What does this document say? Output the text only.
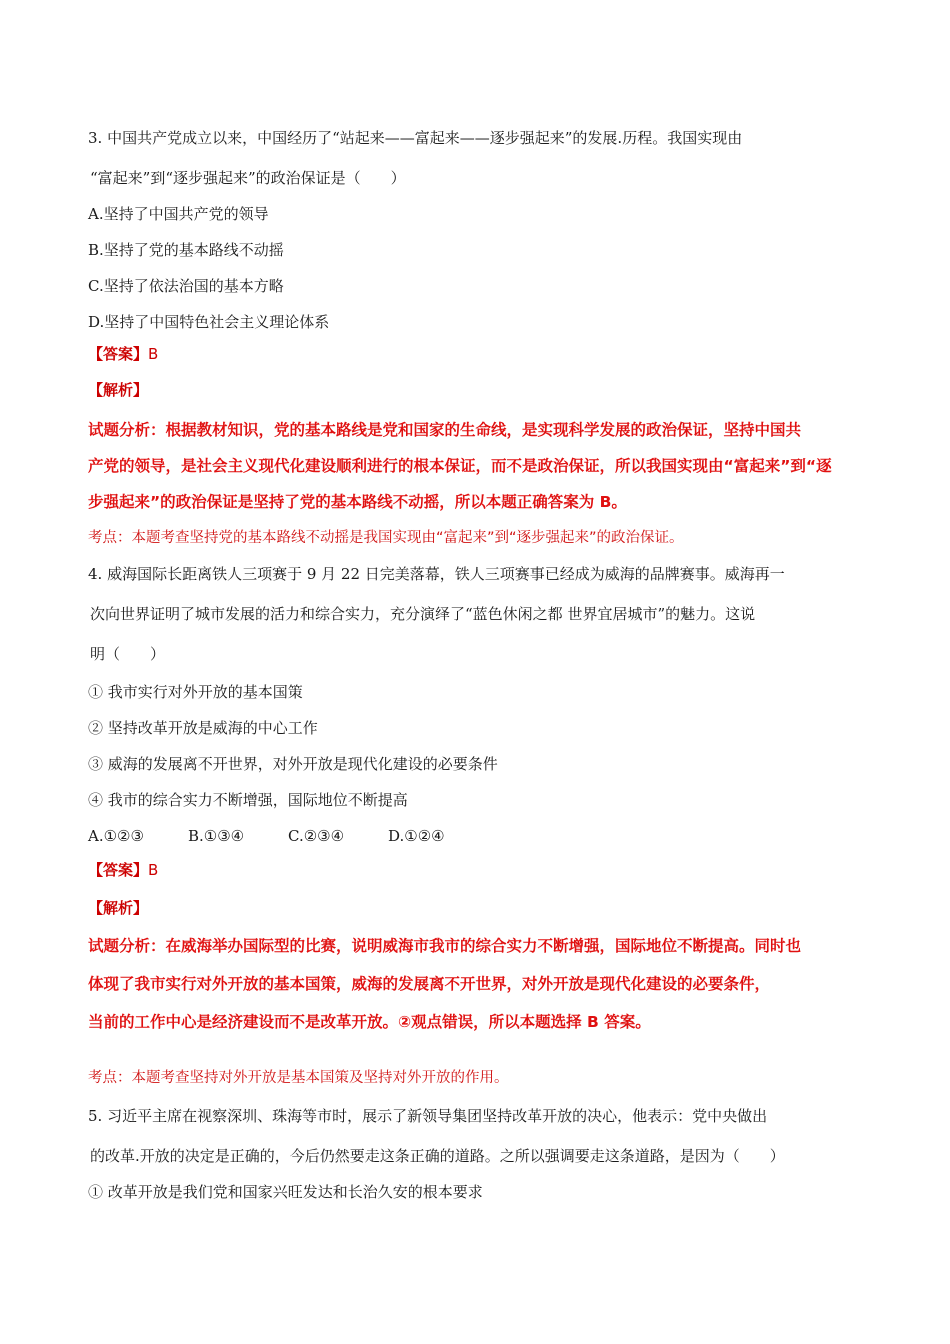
3. 中国共产党成立以来，中国经历了“站起来——富起来——逐步强起来”的发展.历程。我国实现由
“富起来”到“逐步强起来”的政治保证是（　　）
A.坚持了中国共产党的领导
B.坚持了党的基本路线不动摇
C.坚持了依法治国的基本方略
D.坚持了中国特色社会主义理论体系
【答案】B
【解析】
试题分析：根据教材知识，党的基本路线是党和国家的生命线，是实现科学发展的政治保证，坚持中国共
产党的领导，是社会主义现代化建设顺利进行的根本保证，而不是政治保证，所以我国实现由“富起来”到“逐
步强起来”的政治保证是坚持了党的基本路线不动摇，所以本题正确答案为 B。
考点：本题考查坚持党的基本路线不动摇是我国实现由“富起来”到“逐步强起来”的政治保证。
4. 威海国际长距离铁人三项赛于 9 月 22 日完美落幕，铁人三项赛事已经成为威海的品牌赛事。威海再一
次向世界证明了城市发展的活力和综合实力，充分演绎了“蓝色休闲之都 世界宜居城市”的魅力。这说
明（　　）
① 我市实行对外开放的基本国策
② 坚持改革开放是威海的中心工作
③ 威海的发展离不开世界，对外开放是现代化建设的必要条件
④ 我市的综合实力不断增强，国际地位不断提高
A.①②③	B.①③④	C.②③④	D.①②④
【答案】B
【解析】
试题分析：在威海举办国际型的比赛，说明威海市我市的综合实力不断增强，国际地位不断提高。同时也
体现了我市实行对外开放的基本国策，威海的发展离不开世界，对外开放是现代化建设的必要条件，
当前的工作中心是经济建设而不是改革开放。②观点错误，所以本题选择 B 答案。
考点：本题考查坚持对外开放是基本国策及坚持对外开放的作用。
5. 习近平主席在视察深圳、珠海等市时，展示了新领导集团坚持改革开放的决心，他表示：党中央做出
的改革.开放的决定是正确的，今后仍然要走这条正确的道路。之所以强调要走这条道路，是因为（　　）
① 改革开放是我们党和国家兴旺发达和长治久安的根本要求
